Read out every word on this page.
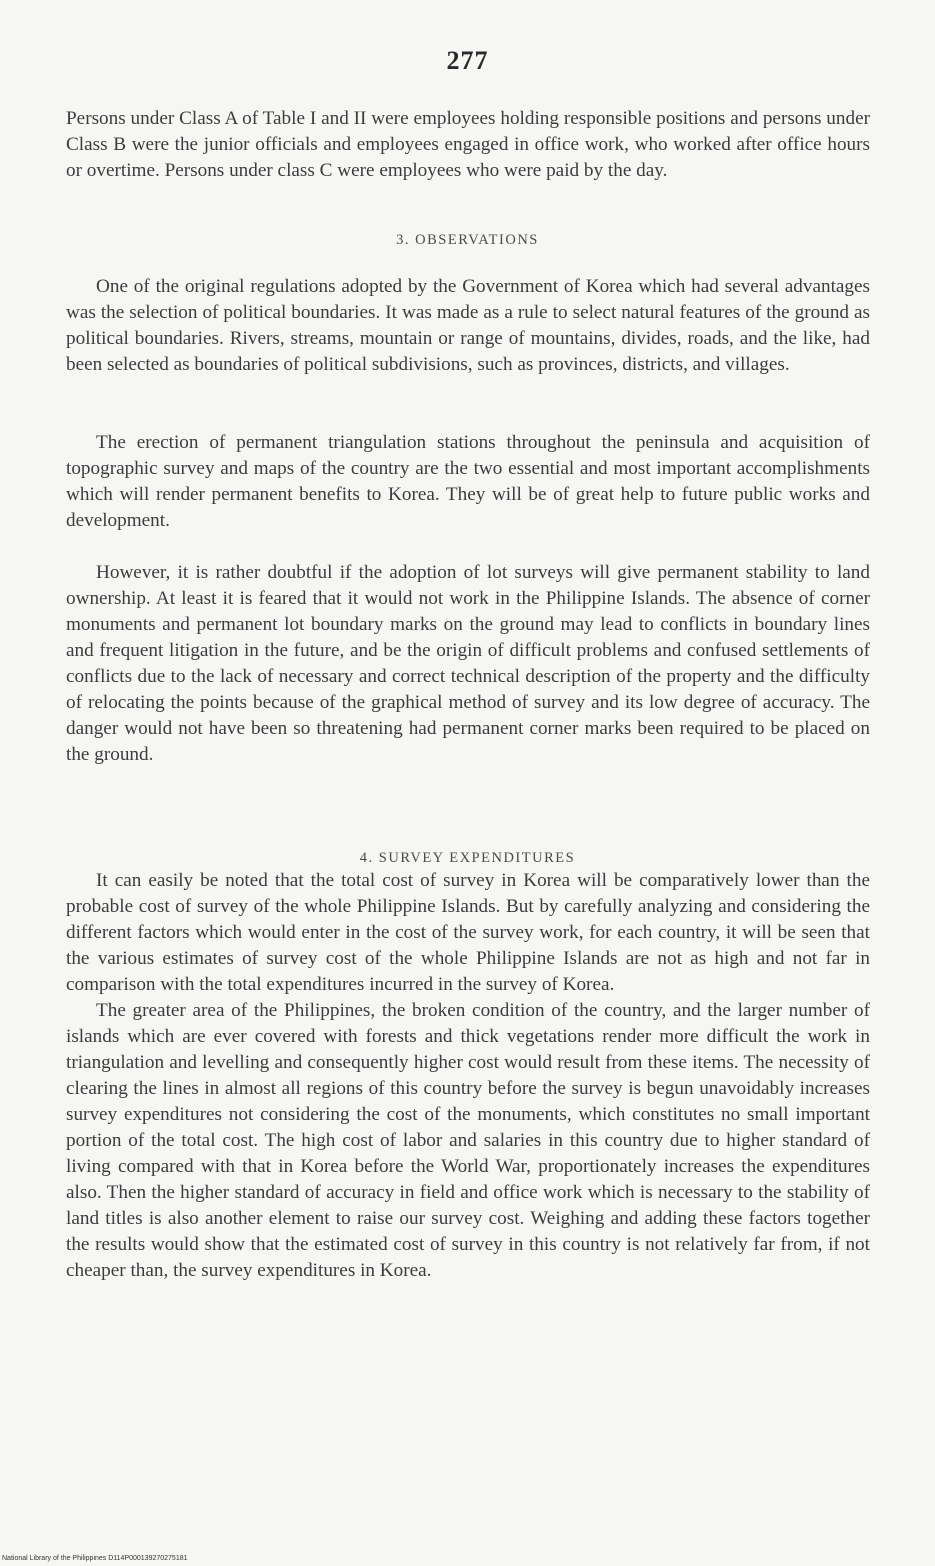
277

Persons under Class A of Table I and II were employees holding responsible positions and persons under Class B were the junior officials and employees engaged in office work, who worked after office hours or overtime. Persons under class C were employees who were paid by the day.

3. OBSERVATIONS

One of the original regulations adopted by the Government of Korea which had several advantages was the selection of political boundaries. It was made as a rule to select natural features of the ground as political boundaries. Rivers, streams, mountain or range of mountains, divides, roads, and the like, had been selected as boundaries of political subdivisions, such as provinces, districts, and villages.

The erection of permanent triangulation stations throughout the peninsula and acquisition of topographic survey and maps of the country are the two essential and most important accomplishments which will render permanent benefits to Korea. They will be of great help to future public works and development.

However, it is rather doubtful if the adoption of lot surveys will give permanent stability to land ownership. At least it is feared that it would not work in the Philippine Islands. The absence of corner monuments and permanent lot boundary marks on the ground may lead to conflicts in boundary lines and frequent litigation in the future, and be the origin of difficult problems and confused settlements of conflicts due to the lack of necessary and correct technical description of the property and the difficulty of relocating the points because of the graphical method of survey and its low degree of accuracy. The danger would not have been so threatening had permanent corner marks been required to be placed on the ground.

4. SURVEY EXPENDITURES

It can easily be noted that the total cost of survey in Korea will be comparatively lower than the probable cost of survey of the whole Philippine Islands. But by carefully analyzing and considering the different factors which would enter in the cost of the survey work, for each country, it will be seen that the various estimates of survey cost of the whole Philippine Islands are not as high and not far in comparison with the total expenditures incurred in the survey of Korea.

The greater area of the Philippines, the broken condition of the country, and the larger number of islands which are ever covered with forests and thick vegetations render more difficult the work in triangulation and levelling and consequently higher cost would result from these items. The necessity of clearing the lines in almost all regions of this country before the survey is begun unavoidably increases survey expenditures not considering the cost of the monuments, which constitutes no small important portion of the total cost. The high cost of labor and salaries in this country due to higher standard of living compared with that in Korea before the World War, proportionately increases the expenditures also. Then the higher standard of accuracy in field and office work which is necessary to the stability of land titles is also another element to raise our survey cost. Weighing and adding these factors together the results would show that the estimated cost of survey in this country is not relatively far from, if not cheaper than, the survey expenditures in Korea.

National Library of the Philippines D114P000139270275181
